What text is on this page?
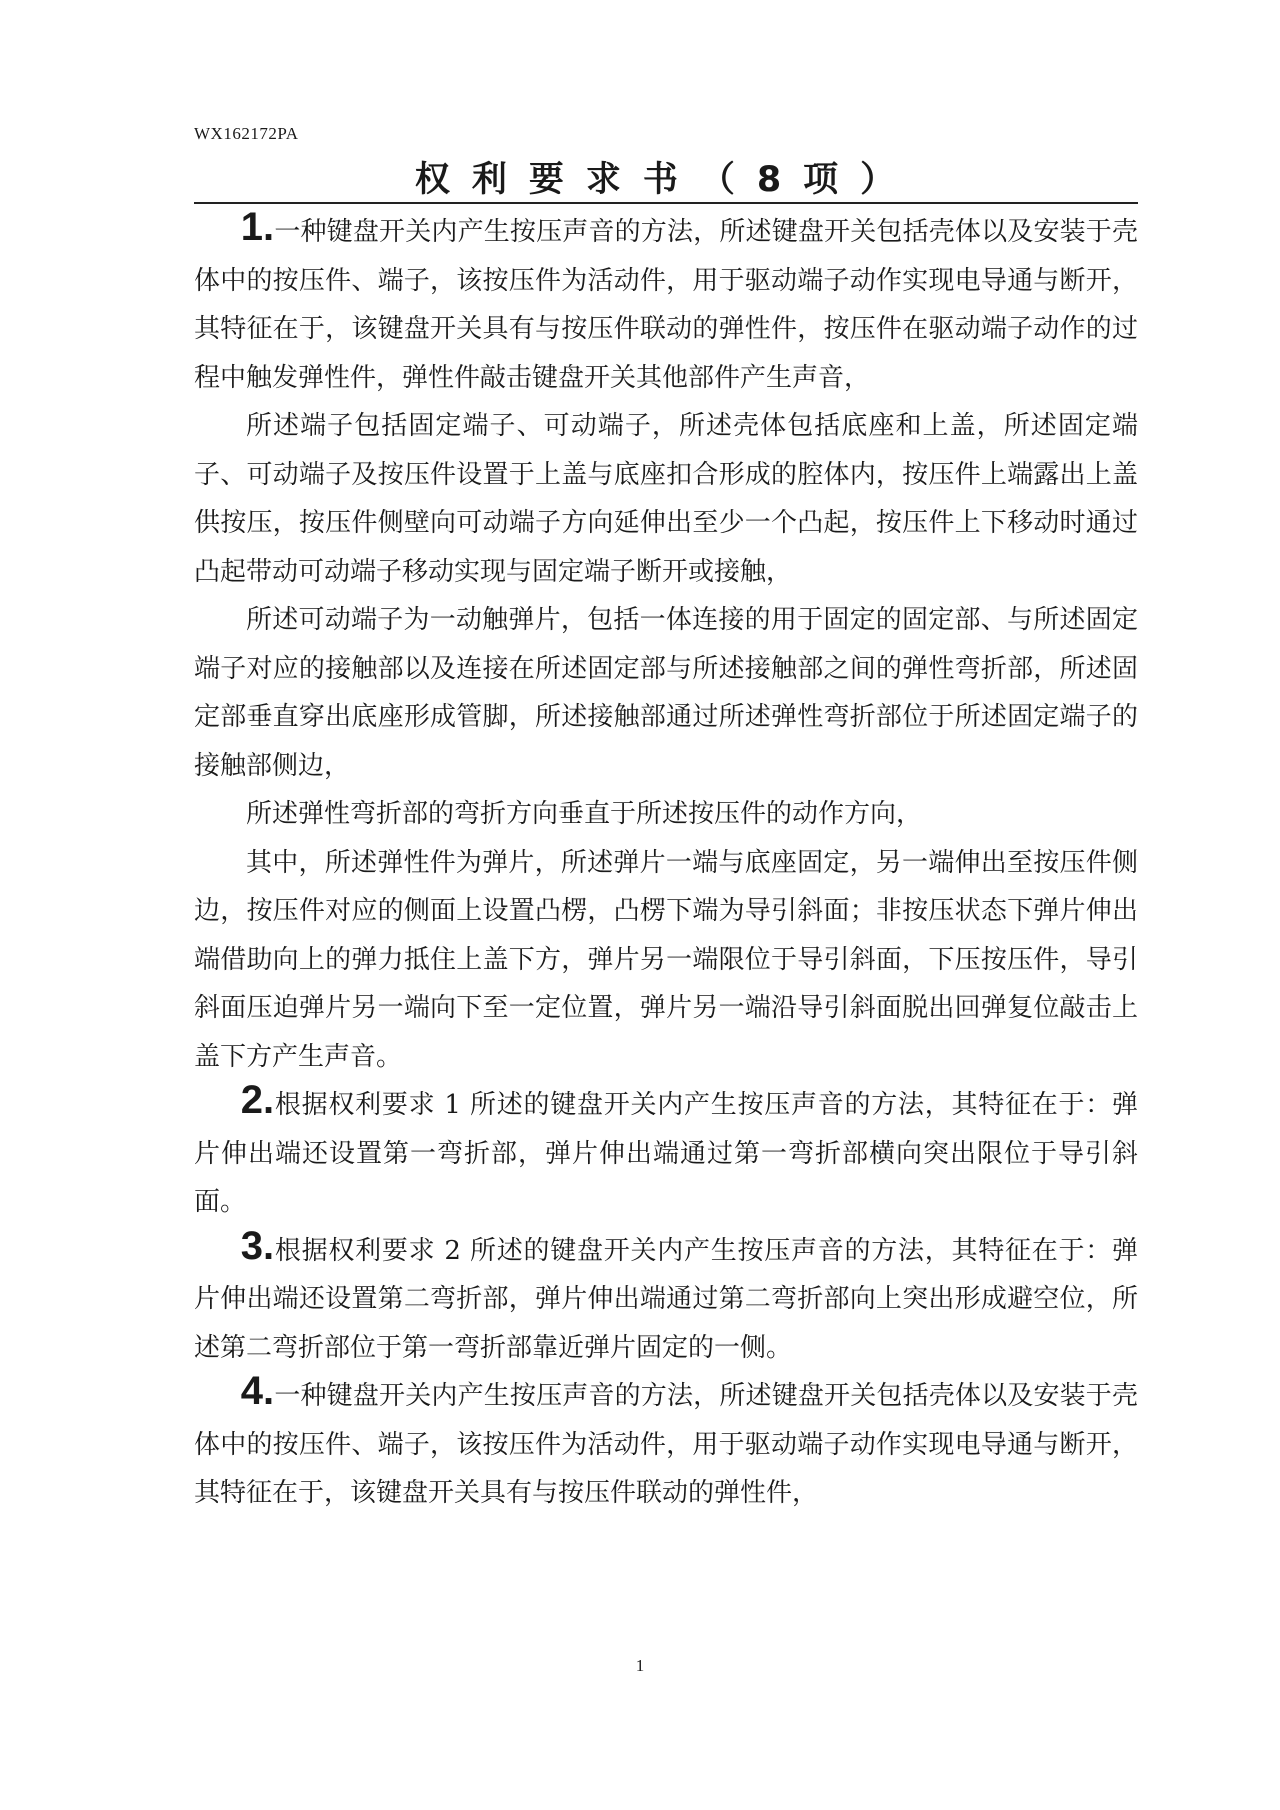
WX162172PA
权利要求书（8项）

1.一种键盘开关内产生按压声音的方法，所述键盘开关包括壳体以及安装于壳体中的按压件、端子，该按压件为活动件，用于驱动端子动作实现电导通与断开，其特征在于，该键盘开关具有与按压件联动的弹性件，按压件在驱动端子动作的过程中触发弹性件，弹性件敲击键盘开关其他部件产生声音，

所述端子包括固定端子、可动端子，所述壳体包括底座和上盖，所述固定端子、可动端子及按压件设置于上盖与底座扣合形成的腔体内，按压件上端露出上盖供按压，按压件侧壁向可动端子方向延伸出至少一个凸起，按压件上下移动时通过凸起带动可动端子移动实现与固定端子断开或接触，

所述可动端子为一动触弹片，包括一体连接的用于固定的固定部、与所述固定端子对应的接触部以及连接在所述固定部与所述接触部之间的弹性弯折部，所述固定部垂直穿出底座形成管脚，所述接触部通过所述弹性弯折部位于所述固定端子的接触部侧边，

所述弹性弯折部的弯折方向垂直于所述按压件的动作方向，

其中，所述弹性件为弹片，所述弹片一端与底座固定，另一端伸出至按压件侧边，按压件对应的侧面上设置凸楞，凸楞下端为导引斜面；非按压状态下弹片伸出端借助向上的弹力抵住上盖下方，弹片另一端限位于导引斜面，下压按压件，导引斜面压迫弹片另一端向下至一定位置，弹片另一端沿导引斜面脱出回弹复位敲击上盖下方产生声音。

2.根据权利要求 1 所述的键盘开关内产生按压声音的方法，其特征在于：弹片伸出端还设置第一弯折部，弹片伸出端通过第一弯折部横向突出限位于导引斜面。

3.根据权利要求 2 所述的键盘开关内产生按压声音的方法，其特征在于：弹片伸出端还设置第二弯折部，弹片伸出端通过第二弯折部向上突出形成避空位，所述第二弯折部位于第一弯折部靠近弹片固定的一侧。

4.一种键盘开关内产生按压声音的方法，所述键盘开关包括壳体以及安装于壳体中的按压件、端子，该按压件为活动件，用于驱动端子动作实现电导通与断开，其特征在于，该键盘开关具有与按压件联动的弹性件，

1
